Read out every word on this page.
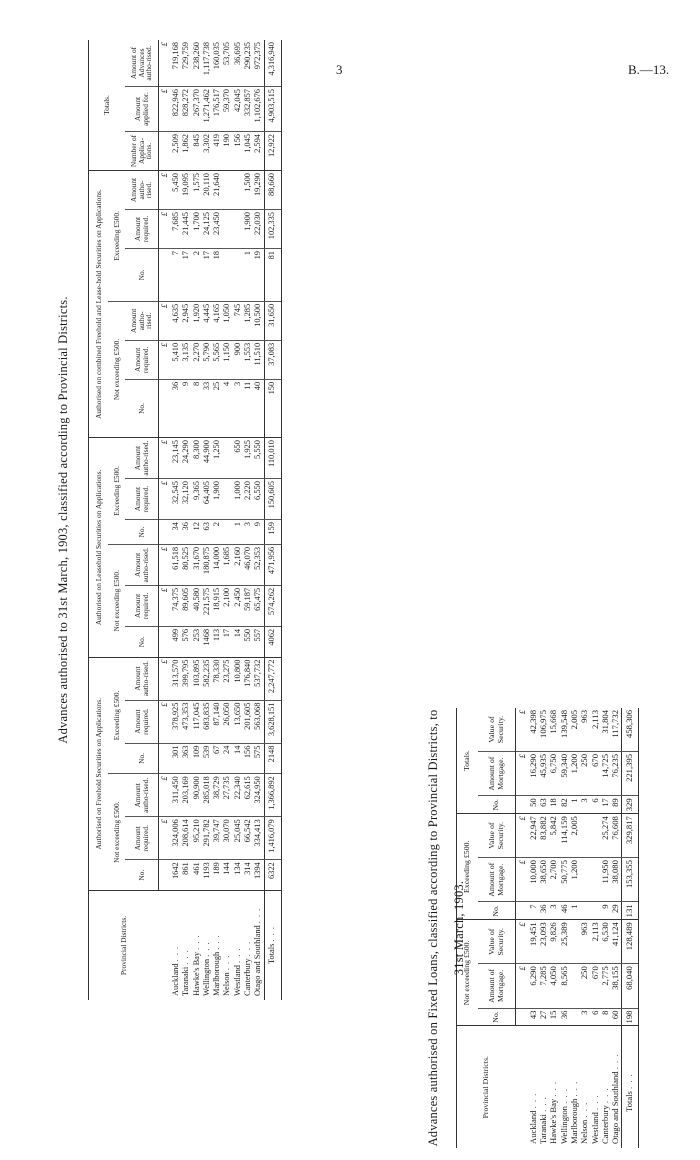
3	B.—13.
Advances authorised to 31st March, 1903, classified according to Provincial Districts.
Provincial Districts.	Authorised on Freehold Securities on Applications.						Authorised on Leasehold Securities on Applications.						Authorised on combined Freehold and Lease-hold Securities on Applications.						Totals.		
	Not exceeding £500.			Exceeding £500.			Not exceeding £500.			Exceeding £500.			Not exceeding £500.			Exceeding £500.					
	No.	Amount required.	Amount autho-rised.	No.	Amount required.	Amount autho-rised.	No.	Amount required.	Amount autho-rised.	No.	Amount required.	Amount autho-rised.	No.	Amount required.	Amount autho-rised.	No.	Amount required.	Amount autho-rised.	Number of Applica-tions.	Amount applied for.	Amount of Advances autho-rised.
		£	£		£	£		£	£		£	£		£	£		£	£		£	£
Auckland . . .	1642	324,006	311,450	301	378,925	313,570	499	74,375	61,518	34	32,545	23,145	36	5,410	4,635	7	7,685	5,450	2,509	822,946	719,168
Taranaki . . .	861	208,614	203,169	363	473,353	399,795	576	89,605	80,525	36	32,120	24,290	9	3,135	2,945	17	21,445	19,095	1,862	828,272	729,759
Hawke's Bay . . .	461	95,210	90,900	109	117,045	103,895	253	40,580	31,670	12	9,365	8,300	8	2,270	1,920	2	1,700	1,575	845	267,370	238,260
Wellington . . .	1193	291,782	285,018	539	683,835	582,235	1468	221,575	180,875	63	64,405	44,900	33	5,790	4,445	17	24,125	20,110	3,302	1,271,462	1,117,738
Marlborough . . .	189	39,747	38,729	67	87,140	78,330	113	18,915	14,000	2	1,900	1,250	25	5,565	4,165	18	23,450	21,640	419	176,517	160,035
Nelson . . .	144	30,070	27,735	24	26,050	23,275	17	2,100	1,685				4	1,150	1,050				190	59,370	53,705
Westland . . .	134	25,045	22,340	14	13,650	10,800	14	2,450	2,160	1	1,000	650	3	900	745				156	42,045	36,695
Canterbury . . .	314	66,542	62,615	156	201,605	176,840	550	59,187	46,070	3	2,220	1,925	11	1,553	1,285	1	1,900	1,500	1,045	332,857	290,235
Otago and Southland . . .	1394	334,413	324,950	575	563,068	537,732	557	65,475	52,353	9	6,550	5,550	40	11,510	10,500	19	22,030	19,290	2,594	1,102,676	972,375
Totals . . .	6322	1,416,079	1,366,892	2148	3,628,151	2,247,772	4062	574,262	471,956	159	150,605	110,010	150	37,083	31,650	81	102,335	88,660	12,922	4,903,515	4,316,940
Advances authorised on Fixed Loans, classified according to Provincial Districts, to 31st March, 1903.
Provincial Districts.	Not exceeding £500.			Exceeding £500.			Totals.		

	No.	Amount of Mortgage.	Value of Security.	No.	Amount of Mortgage.	Value of Security.	No.	Amount of Mortgage.	Value of Security.
		£	£		£	£		£	£
Auckland . . .	43	6,290	19,451	7	10,000	22,947	50	16,290	42,398
Taranaki . . .	27	7,285	23,093	36	38,650	83,882	63	45,935	106,975
Hawke's Bay . . .	15	4,050	9,826	3	2,700	5,842	18	6,750	15,668
Wellington . . .	36	8,565	25,389	46	50,775	114,159	82	59,340	139,548
Marlborough . . .				1	1,200	2,005	1	1,200	2,005
Nelson . . .	3	250	963				3	250	963
Westland . . .	6	670	2,113				6	670	2,113
Canterbury . . .	8	2,775	6,530	9	11,950	25,274	17	14,725	31,804
Otago and Southland . . .	60	38,155	41,124	29	38,080	76,608	89	76,235	117,732
Totals . . .	198	68,040	128,489	131	153,355	329,817	329	221,395	458,306
